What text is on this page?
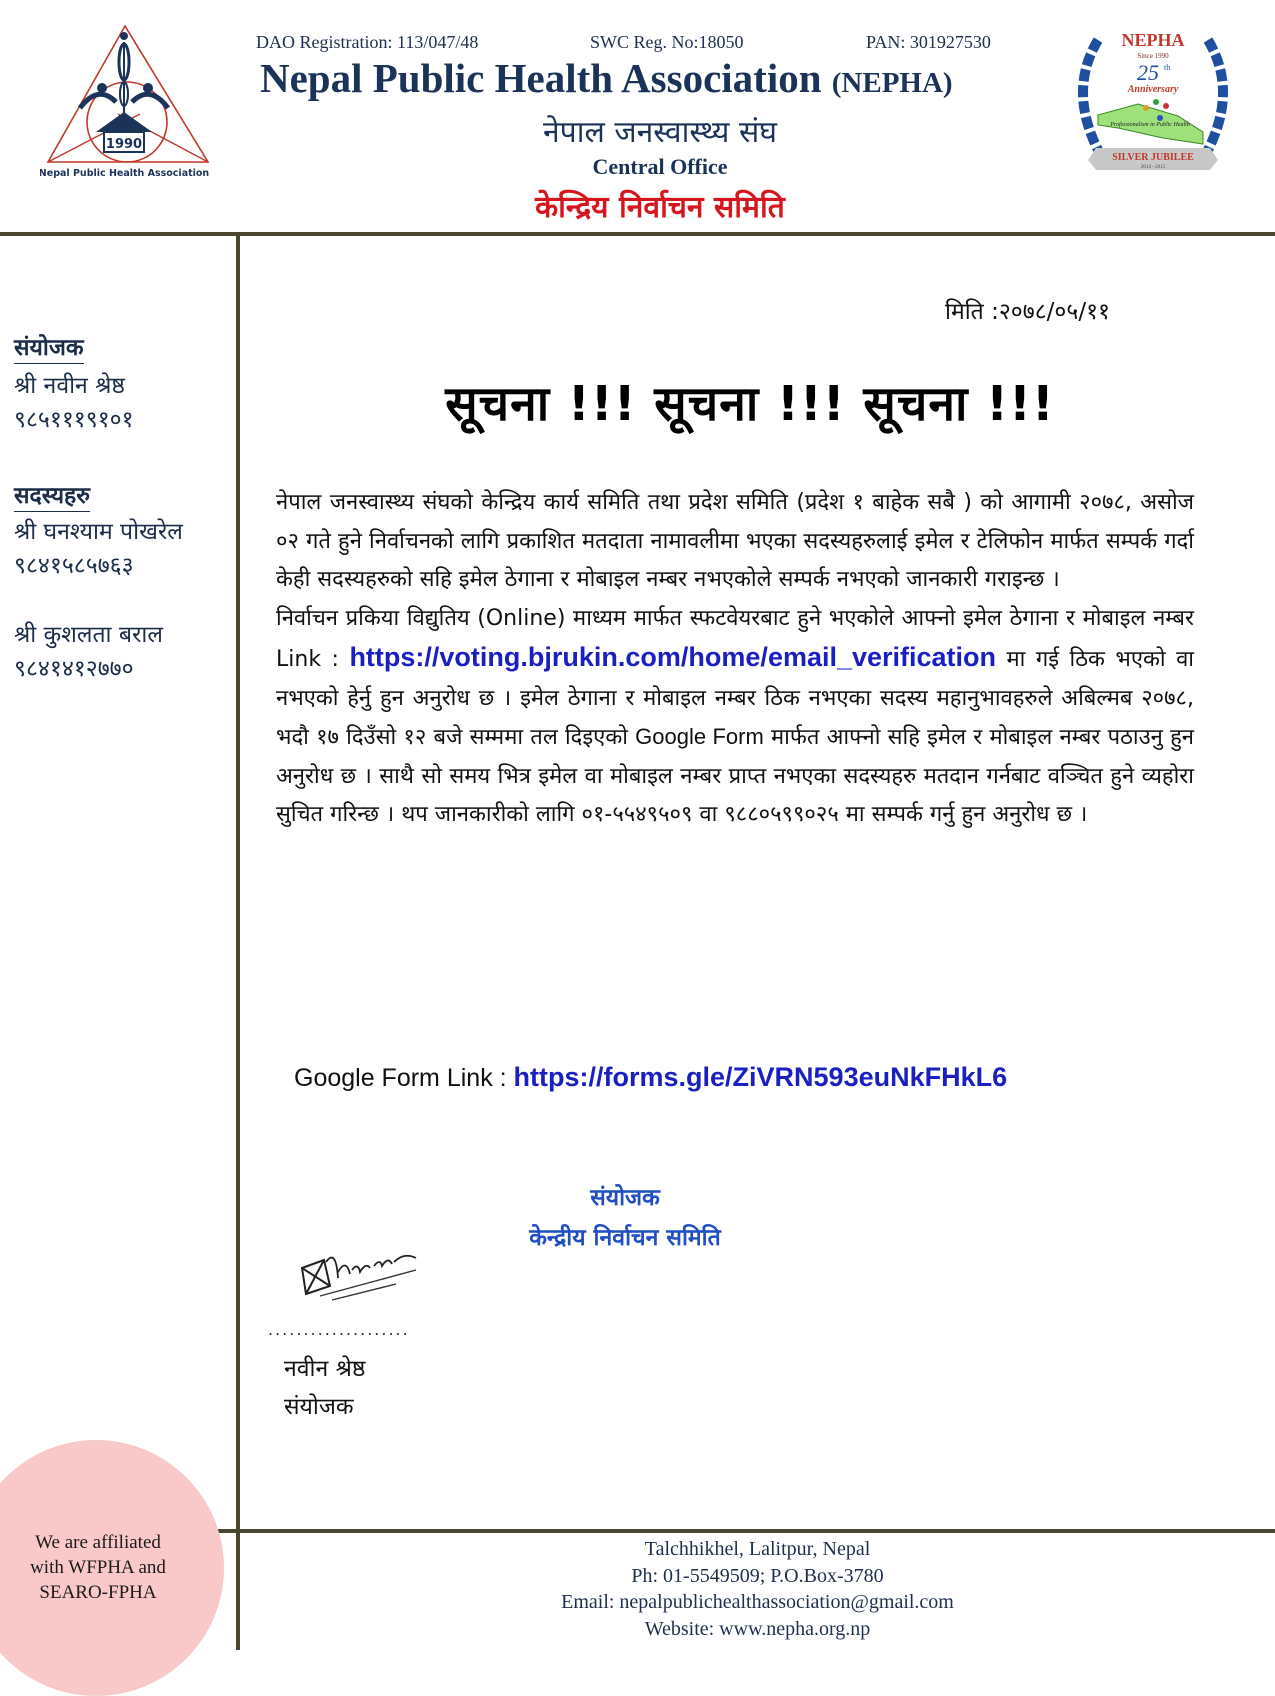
1990
Nepal Public Health Association
DAO Registration: 113/047/48	SWC Reg. No:18050	PAN: 301927530
Nepal Public Health Association (NEPHA)
नेपाल जनस्वास्थ्य संघ
Central Office
केन्द्रिय निर्वाचन समिति
NEPHA
Since 1990
25 th
Anniversary
Professionalism in Public Health
SILVER JUBILEE
2014 - 2015
संयोजक
श्री नवीन श्रेष्ठ
९८५१११९१०१
सदस्यहरु
श्री घनश्याम पोखरेल
९८४१५८५७६३
श्री कुशलता बराल
९८४१४१२७७०
मिति :२०७८/०५/११
सूचना !!! सूचना !!! सूचना !!!

नेपाल जनस्वास्थ्य संघको केन्द्रिय कार्य समिति तथा प्रदेश समिति (प्रदेश १ बाहेक सबै ) को आगामी २०७८, असोज ०२ गते हुने निर्वाचनको लागि प्रकाशित मतदाता नामावलीमा भएका सदस्यहरुलाई इमेल र टेलिफोन मार्फत सम्पर्क गर्दा केही सदस्यहरुको सहि इमेल ठेगाना र मोबाइल नम्बर नभएकोले सम्पर्क नभएको जानकारी गराइन्छ ।

निर्वाचन प्रकिया विद्युतिय (Online) माध्यम मार्फत स्फटवेयरबाट हुने भएकोले आफ्नो इमेल ठेगाना र मोबाइल नम्बर Link : https://voting.bjrukin.com/home/email_verification मा गई ठिक भएको वा नभएको हेर्नु हुन अनुरोध छ । इमेल ठेगाना र मोबाइल नम्बर ठिक नभएका सदस्य महानुभावहरुले अबिल्मब २०७८, भदौ १७ दिउँसो १२ बजे सम्ममा तल दिइएको Google Form मार्फत आफ्नो सहि इमेल र मोबाइल नम्बर पठाउनु हुन अनुरोध छ । साथै सो समय भित्र इमेल वा मोबाइल नम्बर प्राप्त नभएका सदस्यहरु मतदान गर्नबाट वञ्चित हुने व्यहोरा सुचित गरिन्छ । थप जानकारीको लागि ०१-५५४९५०९ वा ९८८०५९९०२५ मा सम्पर्क गर्नु हुन अनुरोध छ ।

Google Form Link : https://forms.gle/ZiVRN593euNkFHkL6
संयोजक
केन्द्रीय निर्वाचन समिति
....................
नवीन श्रेष्ठ
संयोजक
We are affiliated
with WFPHA and
SEARO-FPHA
Talchhikhel, Lalitpur, Nepal
Ph: 01-5549509; P.O.Box-3780
Email: nepalpublichealthassociation@gmail.com
Website: www.nepha.org.np
